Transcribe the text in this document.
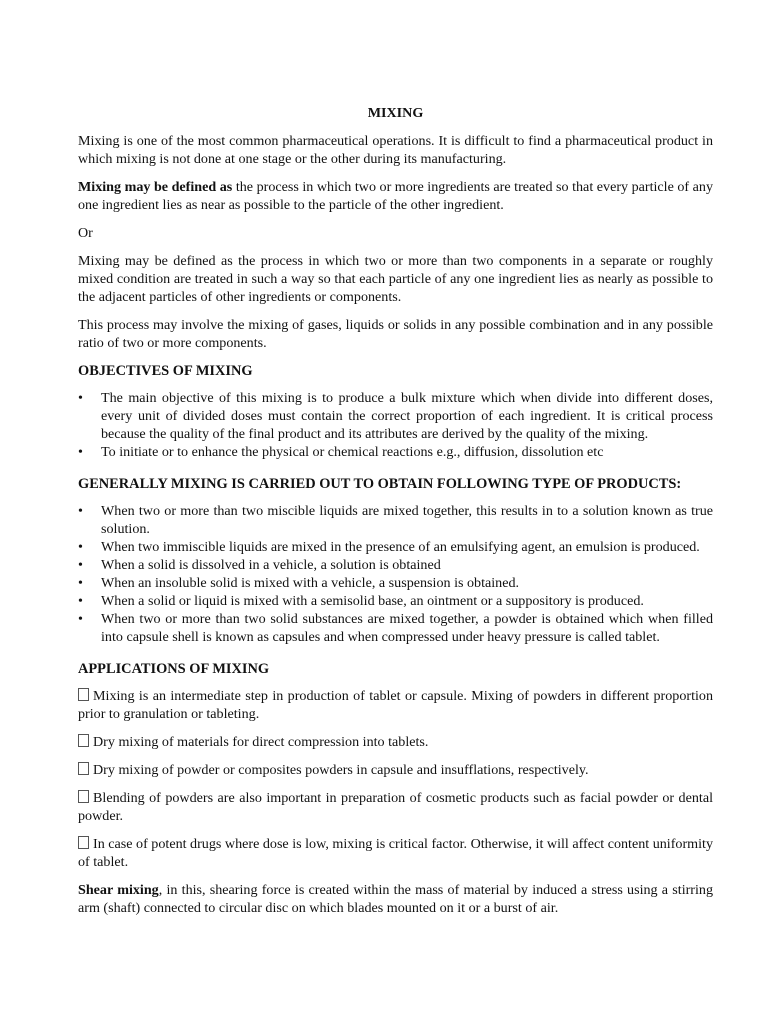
MIXING

Mixing is one of the most common pharmaceutical operations. It is difficult to find a pharmaceutical product in which mixing is not done at one stage or the other during its manufacturing.

Mixing may be defined as the process in which two or more ingredients are treated so that every particle of any one ingredient lies as near as possible to the particle of the other ingredient.

Or

Mixing may be defined as the process in which two or more than two components in a separate or roughly mixed condition are treated in such a way so that each particle of any one ingredient lies as nearly as possible to the adjacent particles of other ingredients or components.

This process may involve the mixing of gases, liquids or solids in any possible combination and in any possible ratio of two or more components.

OBJECTIVES OF MIXING
• The main objective of this mixing is to produce a bulk mixture which when divide into different doses, every unit of divided doses must contain the correct proportion of each ingredient. It is critical process because the quality of the final product and its attributes are derived by the quality of the mixing.
• To initiate or to enhance the physical or chemical reactions e.g., diffusion, dissolution etc
GENERALLY MIXING IS CARRIED OUT TO OBTAIN FOLLOWING TYPE OF PRODUCTS:
• When two or more than two miscible liquids are mixed together, this results in to a solution known as true solution.
• When two immiscible liquids are mixed in the presence of an emulsifying agent, an emulsion is produced.
• When a solid is dissolved in a vehicle, a solution is obtained
• When an insoluble solid is mixed with a vehicle, a suspension is obtained.
• When a solid or liquid is mixed with a semisolid base, an ointment or a suppository is produced.
• When two or more than two solid substances are mixed together, a powder is obtained which when filled into capsule shell is known as capsules and when compressed under heavy pressure is called tablet.
APPLICATIONS OF MIXING

Mixing is an intermediate step in production of tablet or capsule. Mixing of powders in different proportion prior to granulation or tableting.

Dry mixing of materials for direct compression into tablets.

Dry mixing of powder or composites powders in capsule and insufflations, respectively.

Blending of powders are also important in preparation of cosmetic products such as facial powder or dental powder.

In case of potent drugs where dose is low, mixing is critical factor. Otherwise, it will affect content uniformity of tablet.

Shear mixing, in this, shearing force is created within the mass of material by induced a stress using a stirring arm (shaft) connected to circular disc on which blades mounted on it or a burst of air.
